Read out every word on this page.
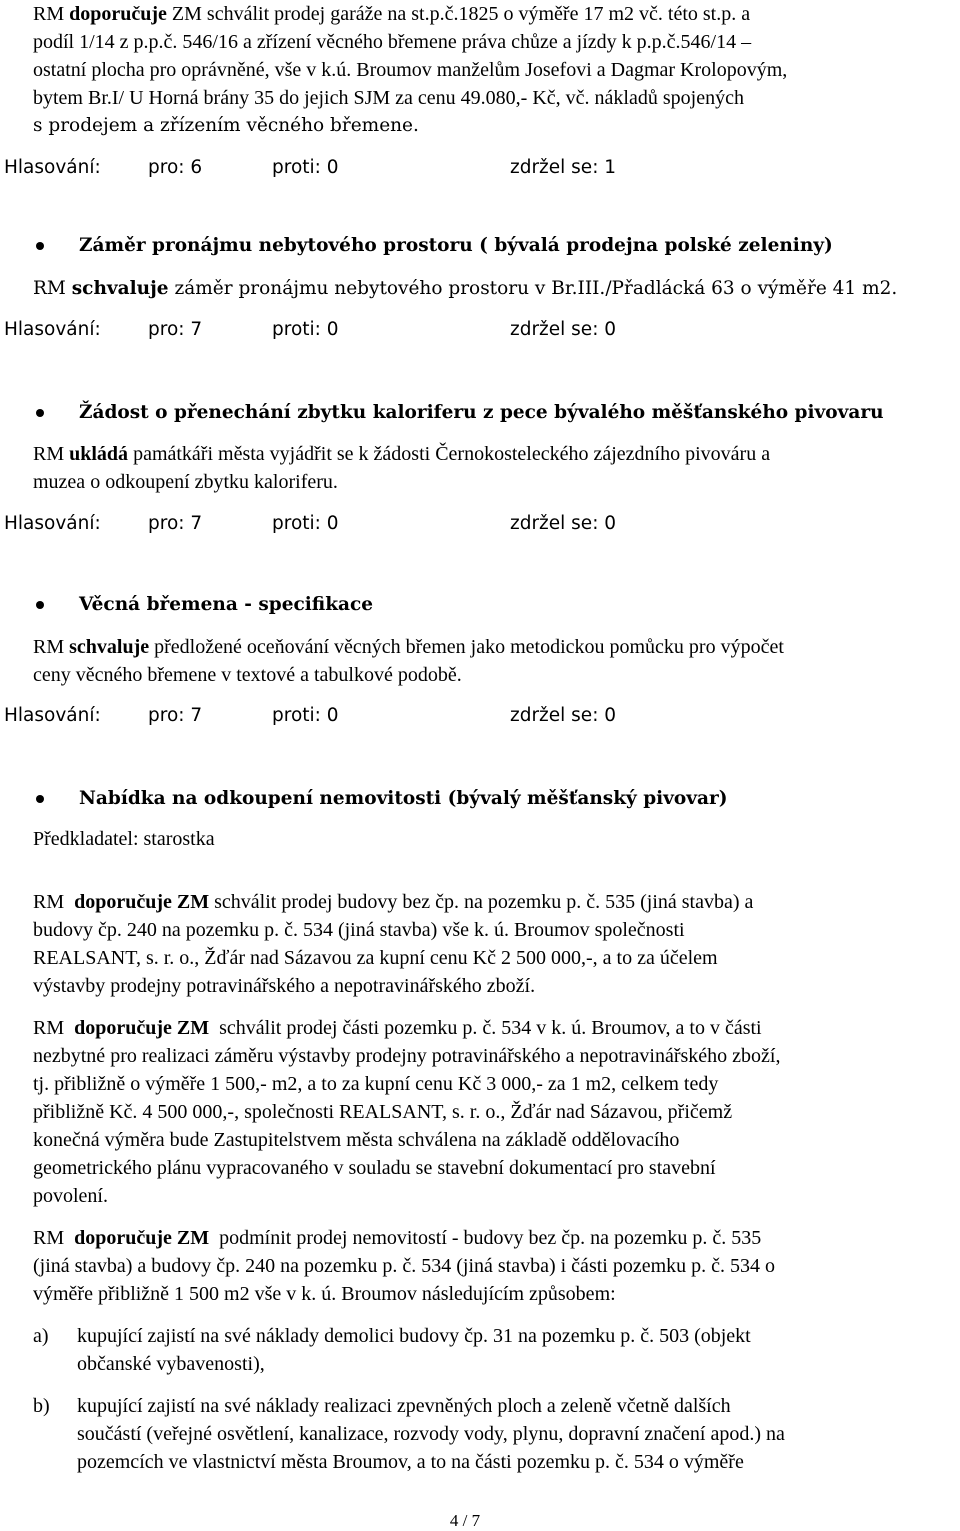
RM doporučuje ZM schválit prodej garáže na st.p.č.1825 o výměře 17 m2 vč. této st.p. a
podíl 1/14 z p.p.č. 546/16 a zřízení věcného břemene práva chůze a jízdy k p.p.č.546/14 –
ostatní plocha pro oprávněné, vše v k.ú. Broumov manželům Josefovi a Dagmar Krolopovým,
bytem Br.I/ U Horná brány 35 do jejich SJM za cenu 49.080,- Kč, vč. nákladů spojených
s prodejem a zřízením věcného břemene.
Hlasování:	pro: 6	proti: 0	zdržel se: 1
Záměr pronájmu nebytového prostoru ( bývalá prodejna polské zeleniny)
RM schvaluje záměr pronájmu nebytového prostoru v Br.III./Přadlácká 63 o výměře 41 m2.
Hlasování:	pro: 7	proti: 0	zdržel se: 0
Žádost o přenechání zbytku kaloriferu z pece bývalého měšťanského pivovaru
RM ukládá památkáři města vyjádřit se k žádosti Černokosteleckého zájezdního pivováru a
muzea o odkoupení zbytku kaloriferu.
Hlasování:	pro: 7	proti: 0	zdržel se: 0
Věcná břemena - specifikace
RM schvaluje předložené oceňování věcných břemen jako metodickou pomůcku pro výpočet
ceny věcného břemene v textové a tabulkové podobě.
Hlasování:	pro: 7	proti: 0	zdržel se: 0
Nabídka na odkoupení nemovitosti (bývalý měšťanský pivovar)
Předkladatel: starostka
RM doporučuje ZM schválit prodej budovy bez čp. na pozemku p. č. 535 (jiná stavba) a
budovy čp. 240 na pozemku p. č. 534 (jiná stavba) vše k. ú. Broumov společnosti
REALSANT, s. r. o., Žďár nad Sázavou za kupní cenu Kč 2 500 000,-, a to za účelem
výstavby prodejny potravinářského a nepotravinářského zboží.
RM doporučuje ZM schválit prodej části pozemku p. č. 534 v k. ú. Broumov, a to v části
nezbytné pro realizaci záměru výstavby prodejny potravinářského a nepotravinářského zboží,
tj. přibližně o výměře 1 500,- m2, a to za kupní cenu Kč 3 000,- za 1 m2, celkem tedy
přibližně Kč. 4 500 000,-, společnosti REALSANT, s. r. o., Žďár nad Sázavou, přičemž
konečná výměra bude Zastupitelstvem města schválena na základě oddělovacího
geometrického plánu vypracovaného v souladu se stavební dokumentací pro stavební
povolení.
RM doporučuje ZM podmínit prodej nemovitostí - budovy bez čp. na pozemku p. č. 535
(jiná stavba) a budovy čp. 240 na pozemku p. č. 534 (jiná stavba) i části pozemku p. č. 534 o
výměře přibližně 1 500 m2 vše v k. ú. Broumov následujícím způsobem:
a) kupující zajistí na své náklady demolici budovy čp. 31 na pozemku p. č. 503 (objekt
občanské vybavenosti),
b) kupující zajistí na své náklady realizaci zpevněných ploch a zeleně včetně dalších
součástí (veřejné osvětlení, kanalizace, rozvody vody, plynu, dopravní značení apod.) na
pozemcích ve vlastnictví města Broumov, a to na části pozemku p. č. 534 o výměře
4 / 7
